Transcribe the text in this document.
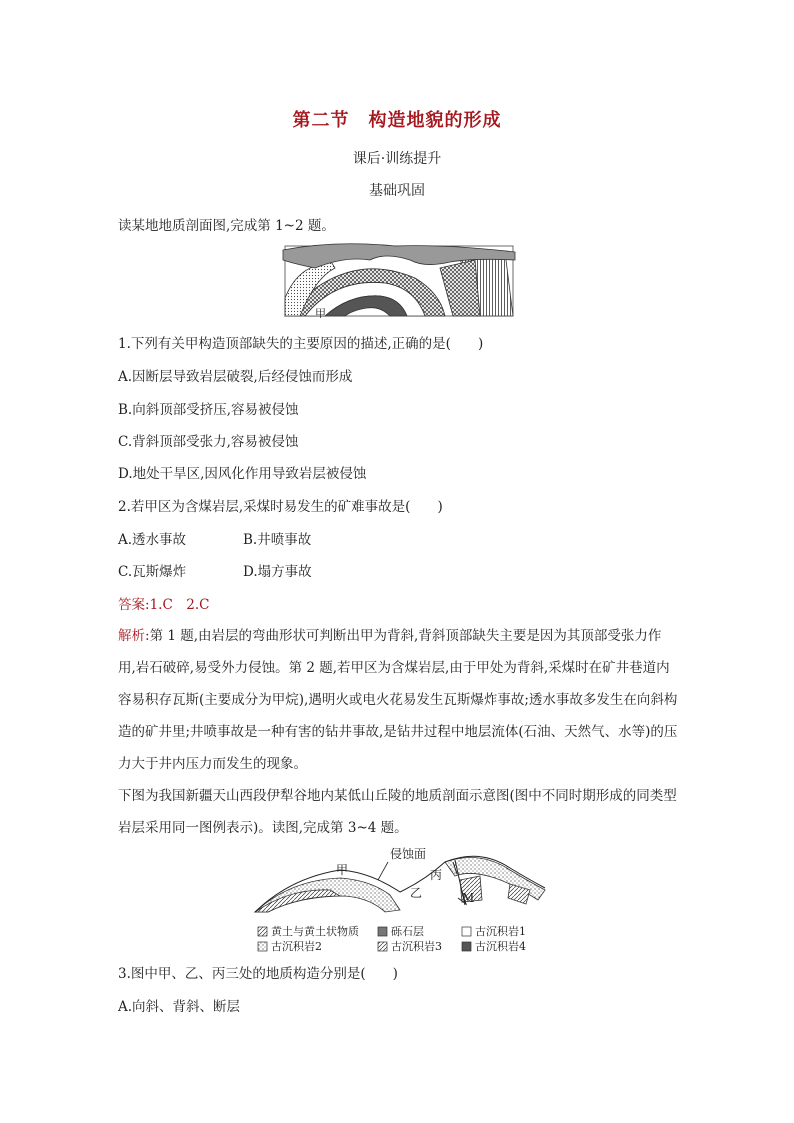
第二节　构造地貌的形成
课后·训练提升
基础巩固
读某地地质剖面图,完成第 1~2 题。
甲
1.下列有关甲构造顶部缺失的主要原因的描述,正确的是(　　)
A.因断层导致岩层破裂,后经侵蚀而形成
B.向斜顶部受挤压,容易被侵蚀
C.背斜顶部受张力,容易被侵蚀
D.地处干旱区,因风化作用导致岩层被侵蚀
2.若甲区为含煤岩层,采煤时易发生的矿难事故是(　　)
A.透水事故	B.井喷事故
C.瓦斯爆炸	D.塌方事故
答案:1.C　2.C
解析:第 1 题,由岩层的弯曲形状可判断出甲为背斜,背斜顶部缺失主要是因为其顶部受张力作用,岩石破碎,易受外力侵蚀。第 2 题,若甲区为含煤岩层,由于甲处为背斜,采煤时在矿井巷道内容易积存瓦斯(主要成分为甲烷),遇明火或电火花易发生瓦斯爆炸事故;透水事故多发生在向斜构造的矿井里;井喷事故是一种有害的钻井事故,是钻井过程中地层流体(石油、天然气、水等)的压力大于井内压力而发生的现象。
下图为我国新疆天山西段伊犁谷地内某低山丘陵的地质剖面示意图(图中不同时期形成的同类型岩层采用同一图例表示)。读图,完成第 3~4 题。
侵蚀面
甲
乙
丙
M
黄土与黄土状物质	砾石层	古沉积岩1
古沉积岩2	古沉积岩3	古沉积岩4
3.图中甲、乙、丙三处的地质构造分别是(　　)
A.向斜、背斜、断层
